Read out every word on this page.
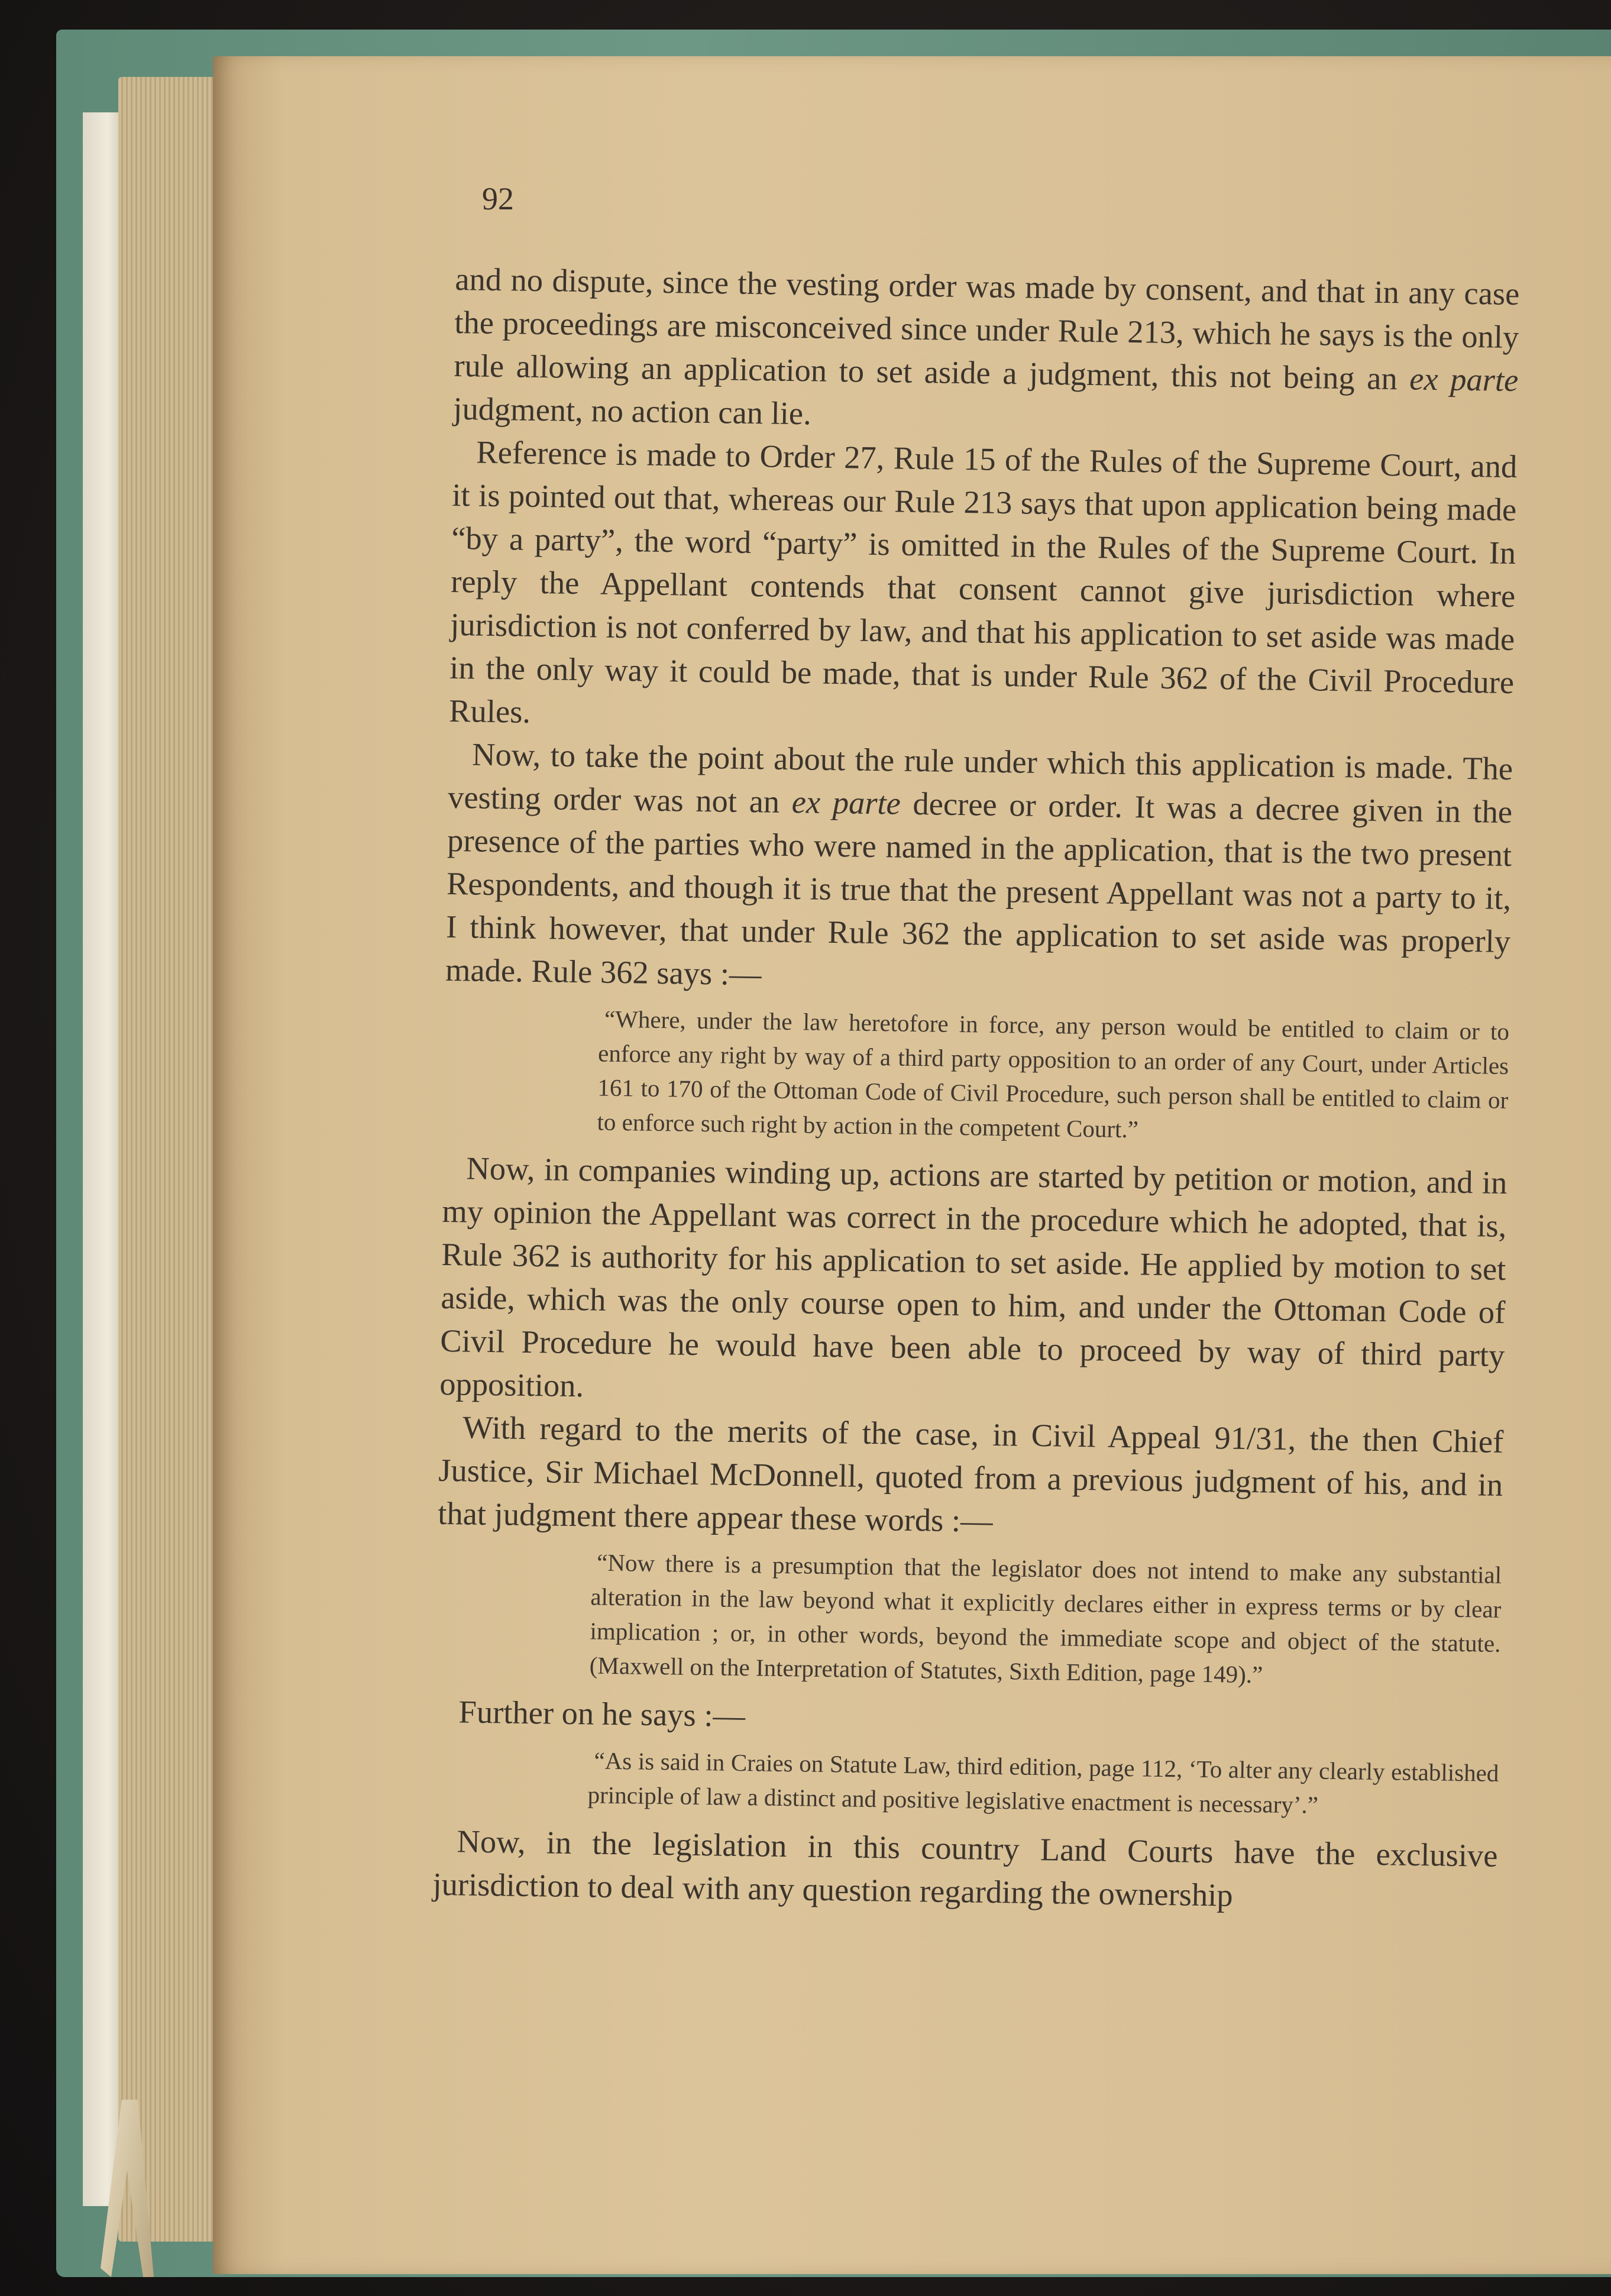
92

and no dispute, since the vesting order was made by consent, and that in any case the proceedings are misconceived since under Rule 213, which he says is the only rule allowing an application to set aside a judgment, this not being an ex parte judgment, no action can lie.

Reference is made to Order 27, Rule 15 of the Rules of the Supreme Court, and it is pointed out that, whereas our Rule 213 says that upon application being made “by a party”, the word “party” is omitted in the Rules of the Supreme Court. In reply the Appellant contends that consent cannot give jurisdiction where jurisdiction is not conferred by law, and that his application to set aside was made in the only way it could be made, that is under Rule 362 of the Civil Procedure Rules.

Now, to take the point about the rule under which this application is made. The vesting order was not an ex parte decree or order. It was a decree given in the presence of the parties who were named in the application, that is the two present Respondents, and though it is true that the present Appellant was not a party to it, I think however, that under Rule 362 the application to set aside was properly made. Rule 362 says :—

“Where, under the law heretofore in force, any person would be entitled to claim or to enforce any right by way of a third party opposition to an order of any Court, under Articles 161 to 170 of the Ottoman Code of Civil Procedure, such person shall be entitled to claim or to enforce such right by action in the competent Court.”

Now, in companies winding up, actions are started by petition or motion, and in my opinion the Appellant was correct in the procedure which he adopted, that is, Rule 362 is authority for his application to set aside. He applied by motion to set aside, which was the only course open to him, and under the Ottoman Code of Civil Procedure he would have been able to proceed by way of third party opposition.

With regard to the merits of the case, in Civil Appeal 91/31, the then Chief Justice, Sir Michael McDonnell, quoted from a previous judgment of his, and in that judgment there appear these words :—

“Now there is a presumption that the legislator does not intend to make any substantial alteration in the law beyond what it explicitly declares either in express terms or by clear implication ; or, in other words, beyond the immediate scope and object of the statute. (Maxwell on the Interpretation of Statutes, Sixth Edition, page 149).”

Further on he says :—

“As is said in Craies on Statute Law, third edition, page 112, ‘To alter any clearly established principle of law a distinct and positive legislative enactment is necessary’.”

Now, in the legislation in this country Land Courts have the exclusive jurisdiction to deal with any question regarding the ownership
